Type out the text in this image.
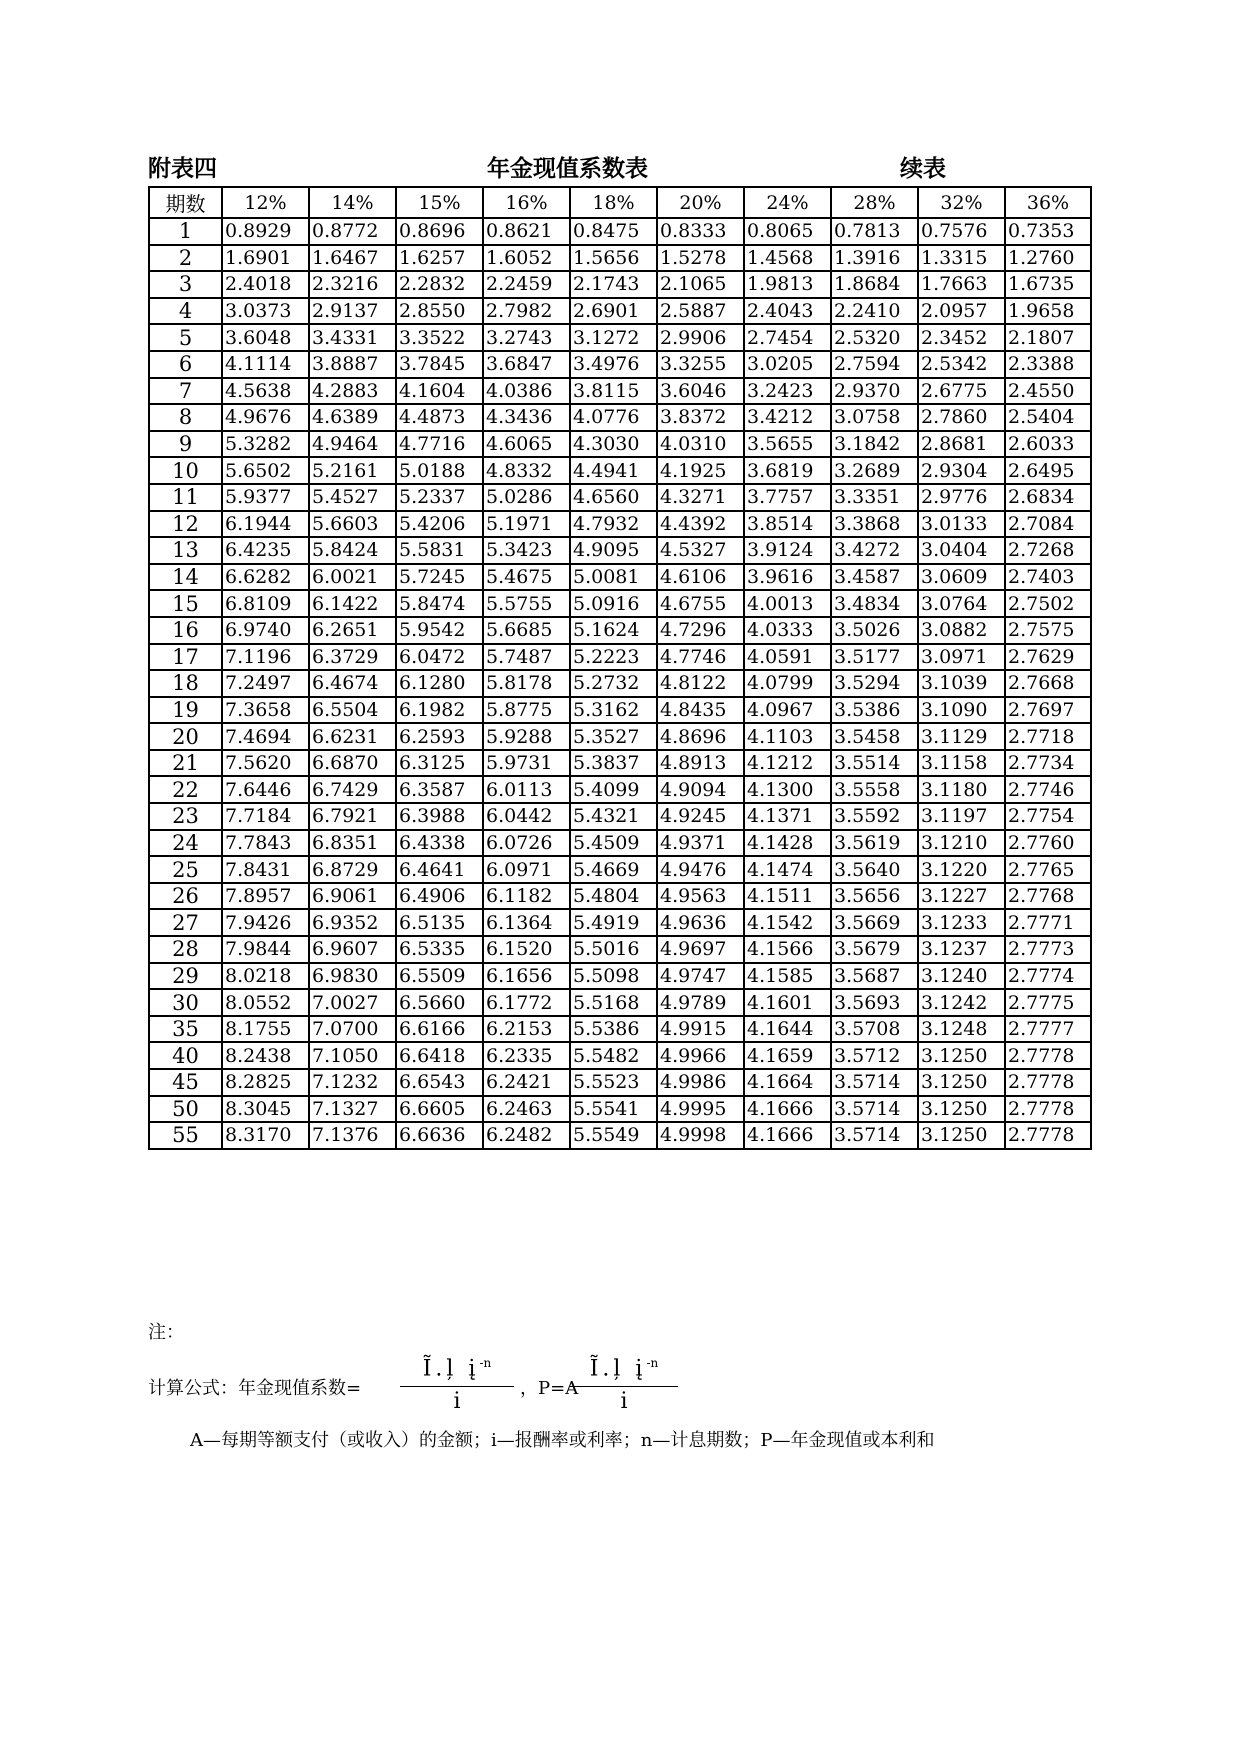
附表四	年金现值系数表	续表
期数	12%	14%	15%	16%	18%	20%	24%	28%	32%	36%
1	0.8929	0.8772	0.8696	0.8621	0.8475	0.8333	0.8065	0.7813	0.7576	0.7353
2	1.6901	1.6467	1.6257	1.6052	1.5656	1.5278	1.4568	1.3916	1.3315	1.2760
3	2.4018	2.3216	2.2832	2.2459	2.1743	2.1065	1.9813	1.8684	1.7663	1.6735
4	3.0373	2.9137	2.8550	2.7982	2.6901	2.5887	2.4043	2.2410	2.0957	1.9658
5	3.6048	3.4331	3.3522	3.2743	3.1272	2.9906	2.7454	2.5320	2.3452	2.1807
6	4.1114	3.8887	3.7845	3.6847	3.4976	3.3255	3.0205	2.7594	2.5342	2.3388
7	4.5638	4.2883	4.1604	4.0386	3.8115	3.6046	3.2423	2.9370	2.6775	2.4550
8	4.9676	4.6389	4.4873	4.3436	4.0776	3.8372	3.4212	3.0758	2.7860	2.5404
9	5.3282	4.9464	4.7716	4.6065	4.3030	4.0310	3.5655	3.1842	2.8681	2.6033
10	5.6502	5.2161	5.0188	4.8332	4.4941	4.1925	3.6819	3.2689	2.9304	2.6495
11	5.9377	5.4527	5.2337	5.0286	4.6560	4.3271	3.7757	3.3351	2.9776	2.6834
12	6.1944	5.6603	5.4206	5.1971	4.7932	4.4392	3.8514	3.3868	3.0133	2.7084
13	6.4235	5.8424	5.5831	5.3423	4.9095	4.5327	3.9124	3.4272	3.0404	2.7268
14	6.6282	6.0021	5.7245	5.4675	5.0081	4.6106	3.9616	3.4587	3.0609	2.7403
15	6.8109	6.1422	5.8474	5.5755	5.0916	4.6755	4.0013	3.4834	3.0764	2.7502
16	6.9740	6.2651	5.9542	5.6685	5.1624	4.7296	4.0333	3.5026	3.0882	2.7575
17	7.1196	6.3729	6.0472	5.7487	5.2223	4.7746	4.0591	3.5177	3.0971	2.7629
18	7.2497	6.4674	6.1280	5.8178	5.2732	4.8122	4.0799	3.5294	3.1039	2.7668
19	7.3658	6.5504	6.1982	5.8775	5.3162	4.8435	4.0967	3.5386	3.1090	2.7697
20	7.4694	6.6231	6.2593	5.9288	5.3527	4.8696	4.1103	3.5458	3.1129	2.7718
21	7.5620	6.6870	6.3125	5.9731	5.3837	4.8913	4.1212	3.5514	3.1158	2.7734
22	7.6446	6.7429	6.3587	6.0113	5.4099	4.9094	4.1300	3.5558	3.1180	2.7746
23	7.7184	6.7921	6.3988	6.0442	5.4321	4.9245	4.1371	3.5592	3.1197	2.7754
24	7.7843	6.8351	6.4338	6.0726	5.4509	4.9371	4.1428	3.5619	3.1210	2.7760
25	7.8431	6.8729	6.4641	6.0971	5.4669	4.9476	4.1474	3.5640	3.1220	2.7765
26	7.8957	6.9061	6.4906	6.1182	5.4804	4.9563	4.1511	3.5656	3.1227	2.7768
27	7.9426	6.9352	6.5135	6.1364	5.4919	4.9636	4.1542	3.5669	3.1233	2.7771
28	7.9844	6.9607	6.5335	6.1520	5.5016	4.9697	4.1566	3.5679	3.1237	2.7773
29	8.0218	6.9830	6.5509	6.1656	5.5098	4.9747	4.1585	3.5687	3.1240	2.7774
30	8.0552	7.0027	6.5660	6.1772	5.5168	4.9789	4.1601	3.5693	3.1242	2.7775
35	8.1755	7.0700	6.6166	6.2153	5.5386	4.9915	4.1644	3.5708	3.1248	2.7777
40	8.2438	7.1050	6.6418	6.2335	5.5482	4.9966	4.1659	3.5712	3.1250	2.7778
45	8.2825	7.1232	6.6543	6.2421	5.5523	4.9986	4.1664	3.5714	3.1250	2.7778
50	8.3045	7.1327	6.6605	6.2463	5.5541	4.9995	4.1666	3.5714	3.1250	2.7778
55	8.3170	7.1376	6.6636	6.2482	5.5549	4.9998	4.1666	3.5714	3.1250	2.7778
注：
计算公式：年金现值系数=
Ĩ.ļ $į^{-n}$
i
，P=A
Ĩ.ļ $į^{-n}$
i
A—每期等额支付（或收入）的金额；i—报酬率或利率；n—计息期数；P—年金现值或本利和
